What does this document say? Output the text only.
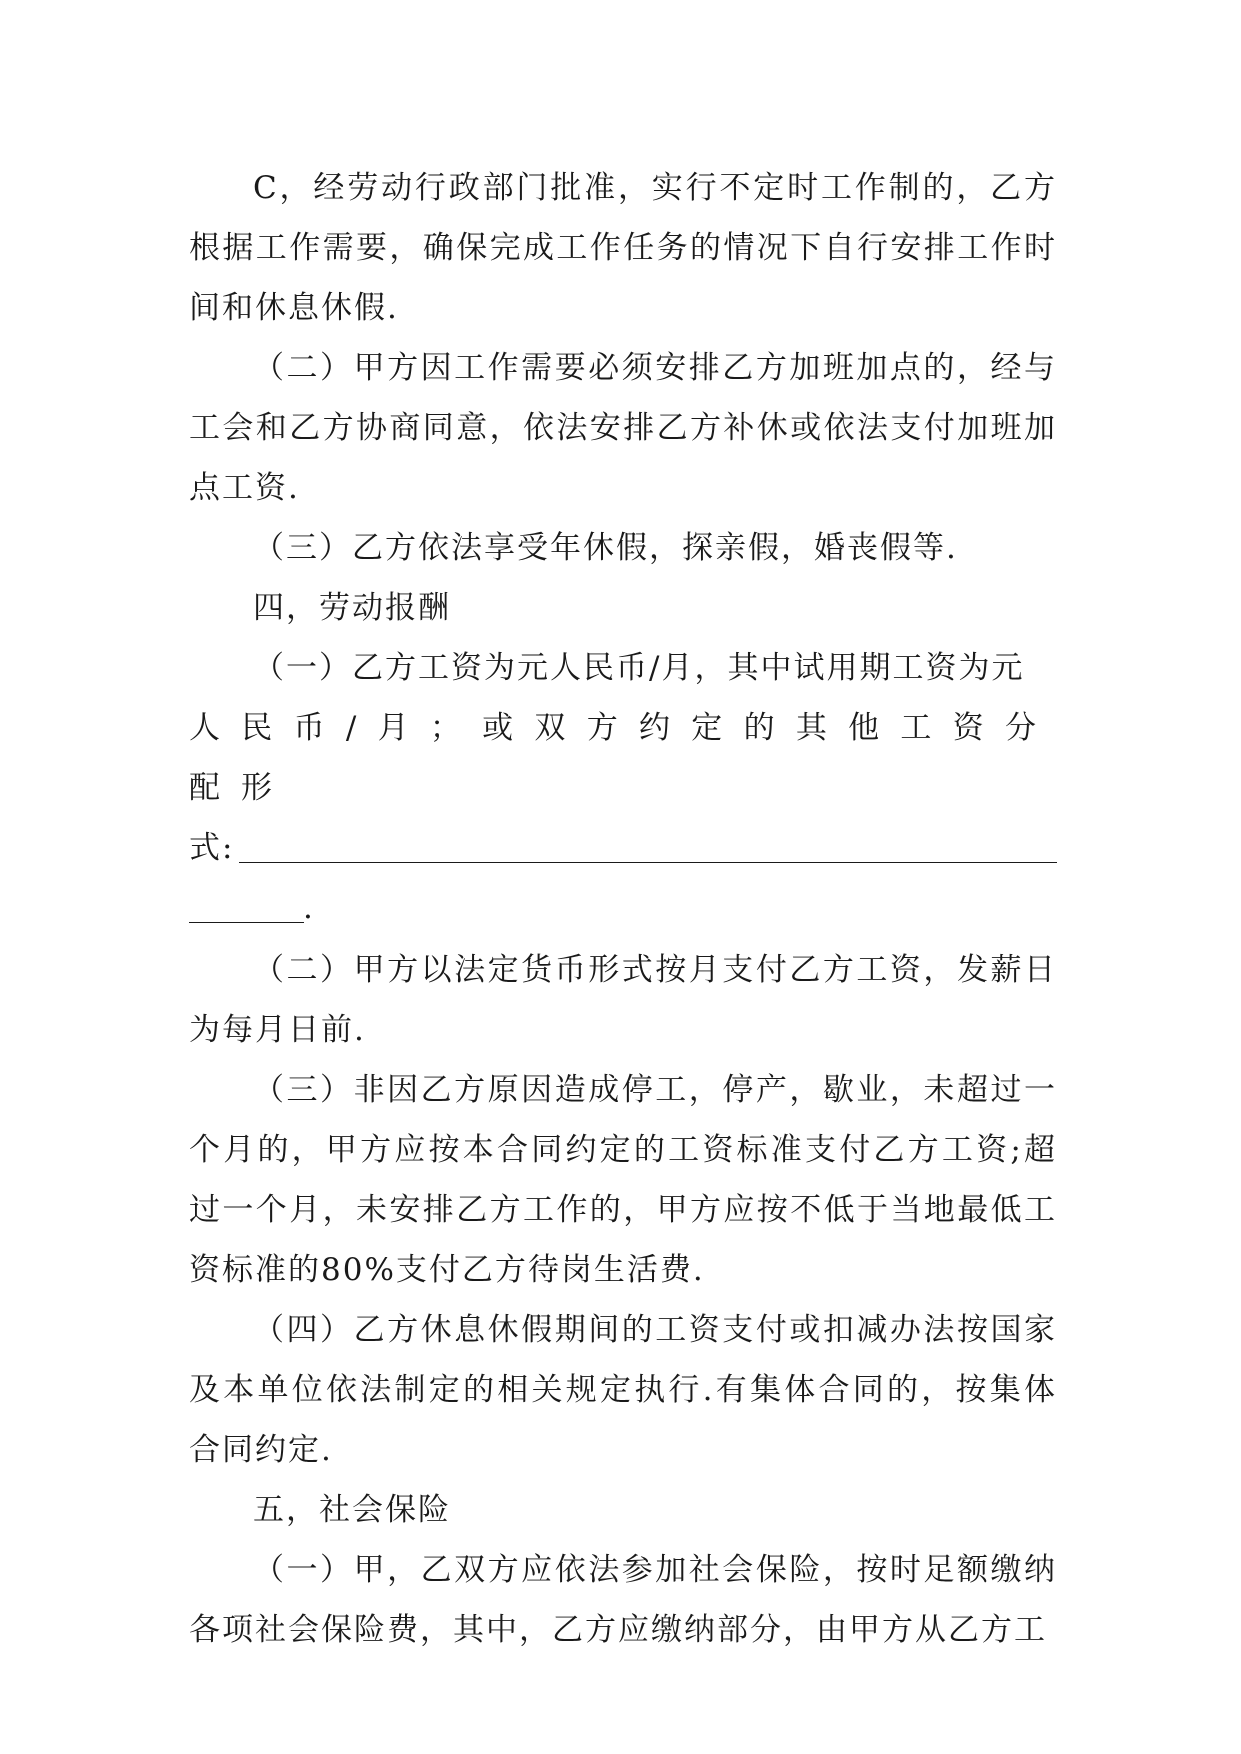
C，经劳动行政部门批准，实行不定时工作制的，乙方根据工作需要，确保完成工作任务的情况下自行安排工作时间和休息休假.

（二）甲方因工作需要必须安排乙方加班加点的，经与工会和乙方协商同意，依法安排乙方补休或依法支付加班加点工资.

（三）乙方依法享受年休假，探亲假，婚丧假等.

四，劳动报酬

（一）乙方工资为元人民币/月，其中试用期工资为元

人民币/月；或双方约定的其他工资分配形

式:
.

（二）甲方以法定货币形式按月支付乙方工资，发薪日为每月日前.

（三）非因乙方原因造成停工，停产，歇业，未超过一个月的，甲方应按本合同约定的工资标准支付乙方工资;超过一个月，未安排乙方工作的，甲方应按不低于当地最低工资标准的80%支付乙方待岗生活费.

（四）乙方休息休假期间的工资支付或扣减办法按国家及本单位依法制定的相关规定执行.有集体合同的，按集体合同约定.

五，社会保险

（一）甲，乙双方应依法参加社会保险，按时足额缴纳各项社会保险费，其中，乙方应缴纳部分，由甲方从乙方工
